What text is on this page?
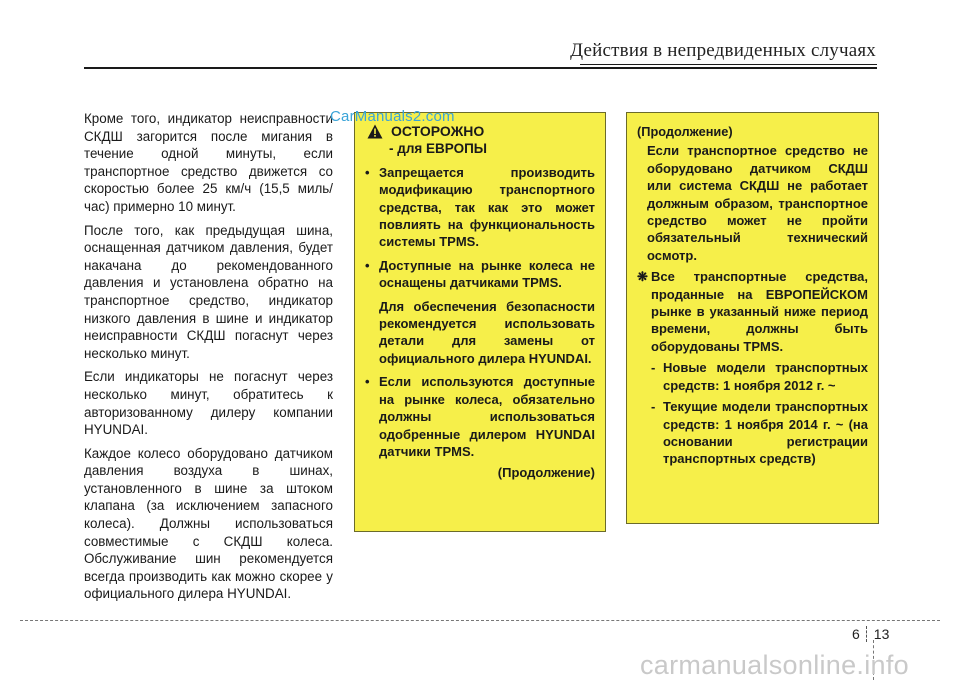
Действия в непредвиденных случаях

Кроме того, индикатор неисправности СКДШ загорится после мигания в течение одной минуты, если транспортное средство движется со скоростью более 25 км/ч (15,5 миль/час) примерно 10 минут.

После того, как предыдущая шина, оснащенная датчиком давления, будет накачана до рекомендованного давления и установлена обратно на транспортное средство, индикатор низкого давления в шине и индикатор неисправности СКДШ погаснут через несколько минут.

Если индикаторы не погаснут через несколько минут, обратитесь к авторизованному дилеру компании HYUNDAI.

Каждое колесо оборудовано датчиком давления воздуха в шинах, установленного в шине за штоком клапана (за исключением запасного колеса). Должны использоваться совместимые с СКДШ колеса. Обслуживание шин рекомендуется всегда производить как можно скорее у официального дилера HYUNDAI.

ОСТОРОЖНО
- для ЕВРОПЫ
• Запрещается производить модификацию транспортного средства, так как это может повлиять на функциональность системы TPMS.
• Доступные на рынке колеса не оснащены датчиками TPMS.
Для обеспечения безопасности рекомендуется использовать детали для замены от официального дилера HYUNDAI.
• Если используются доступные на рынке колеса, обязательно должны использоваться одобренные дилером HYUNDAI датчики TPMS.
(Продолжение)
(Продолжение)
Если транспортное средство не оборудовано датчиком СКДШ или система СКДШ не работает должным образом, транспортное средство может не пройти обязательный технический осмотр.
❋ Все транспортные средства, проданные на ЕВРОПЕЙСКОМ рынке в указанный ниже период времени, должны быть оборудованы TPMS.
- Новые модели транспортных средств: 1 ноября 2012 г. ~
- Текущие модели транспортных средств: 1 ноября 2014 г. ~ (на основании регистрации транспортных средств)
CarManuals2.com
6 13
carmanualsonline.info
